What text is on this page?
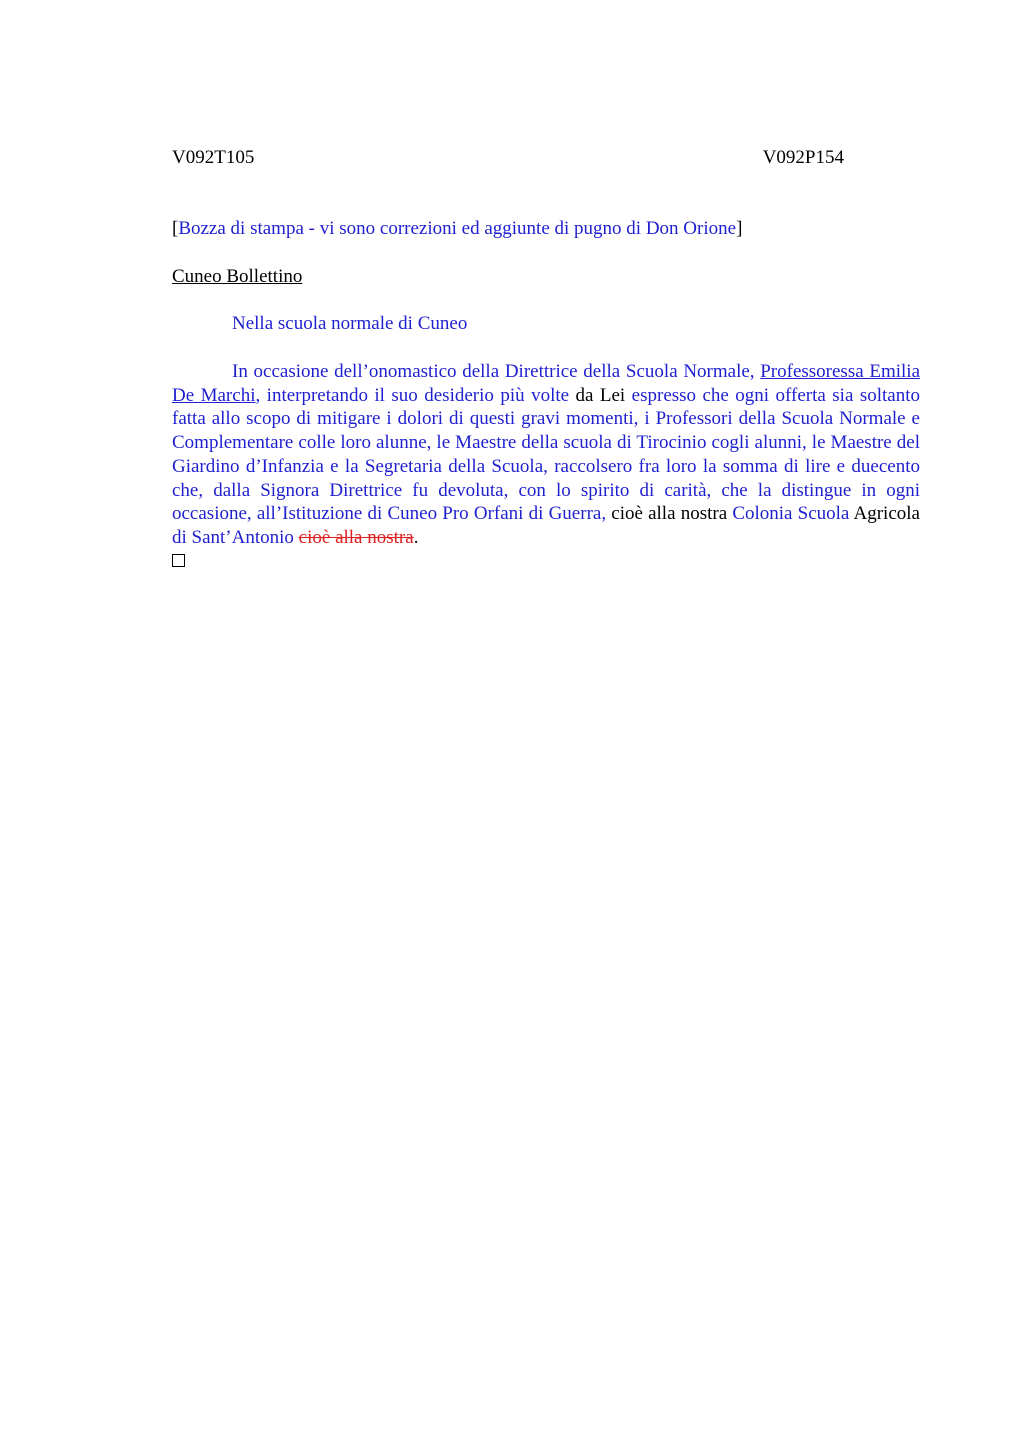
V092T105	V092P154
[Bozza di stampa - vi sono correzioni ed aggiunte di pugno di Don Orione]
Cuneo Bollettino
Nella scuola normale di Cuneo
In occasione dell’onomastico della Direttrice della Scuola Normale, Professoressa Emilia De Marchi, interpretando il suo desiderio più volte da Lei espresso che ogni offerta sia soltanto fatta allo scopo di mitigare i dolori di questi gravi momenti, i Professori della Scuola Normale e Complementare colle loro alunne, le Maestre della scuola di Tirocinio cogli alunni, le Maestre del Giardino d’Infanzia e la Segretaria della Scuola, raccolsero fra loro la somma di lire e duecento che, dalla Signora Direttrice fu devoluta, con lo spirito di carità, che la distingue in ogni occasione, all’Istituzione di Cuneo Pro Orfani di Guerra, cioè alla nostra Colonia Scuola Agricola di Sant’Antonio cioè alla nostra.
